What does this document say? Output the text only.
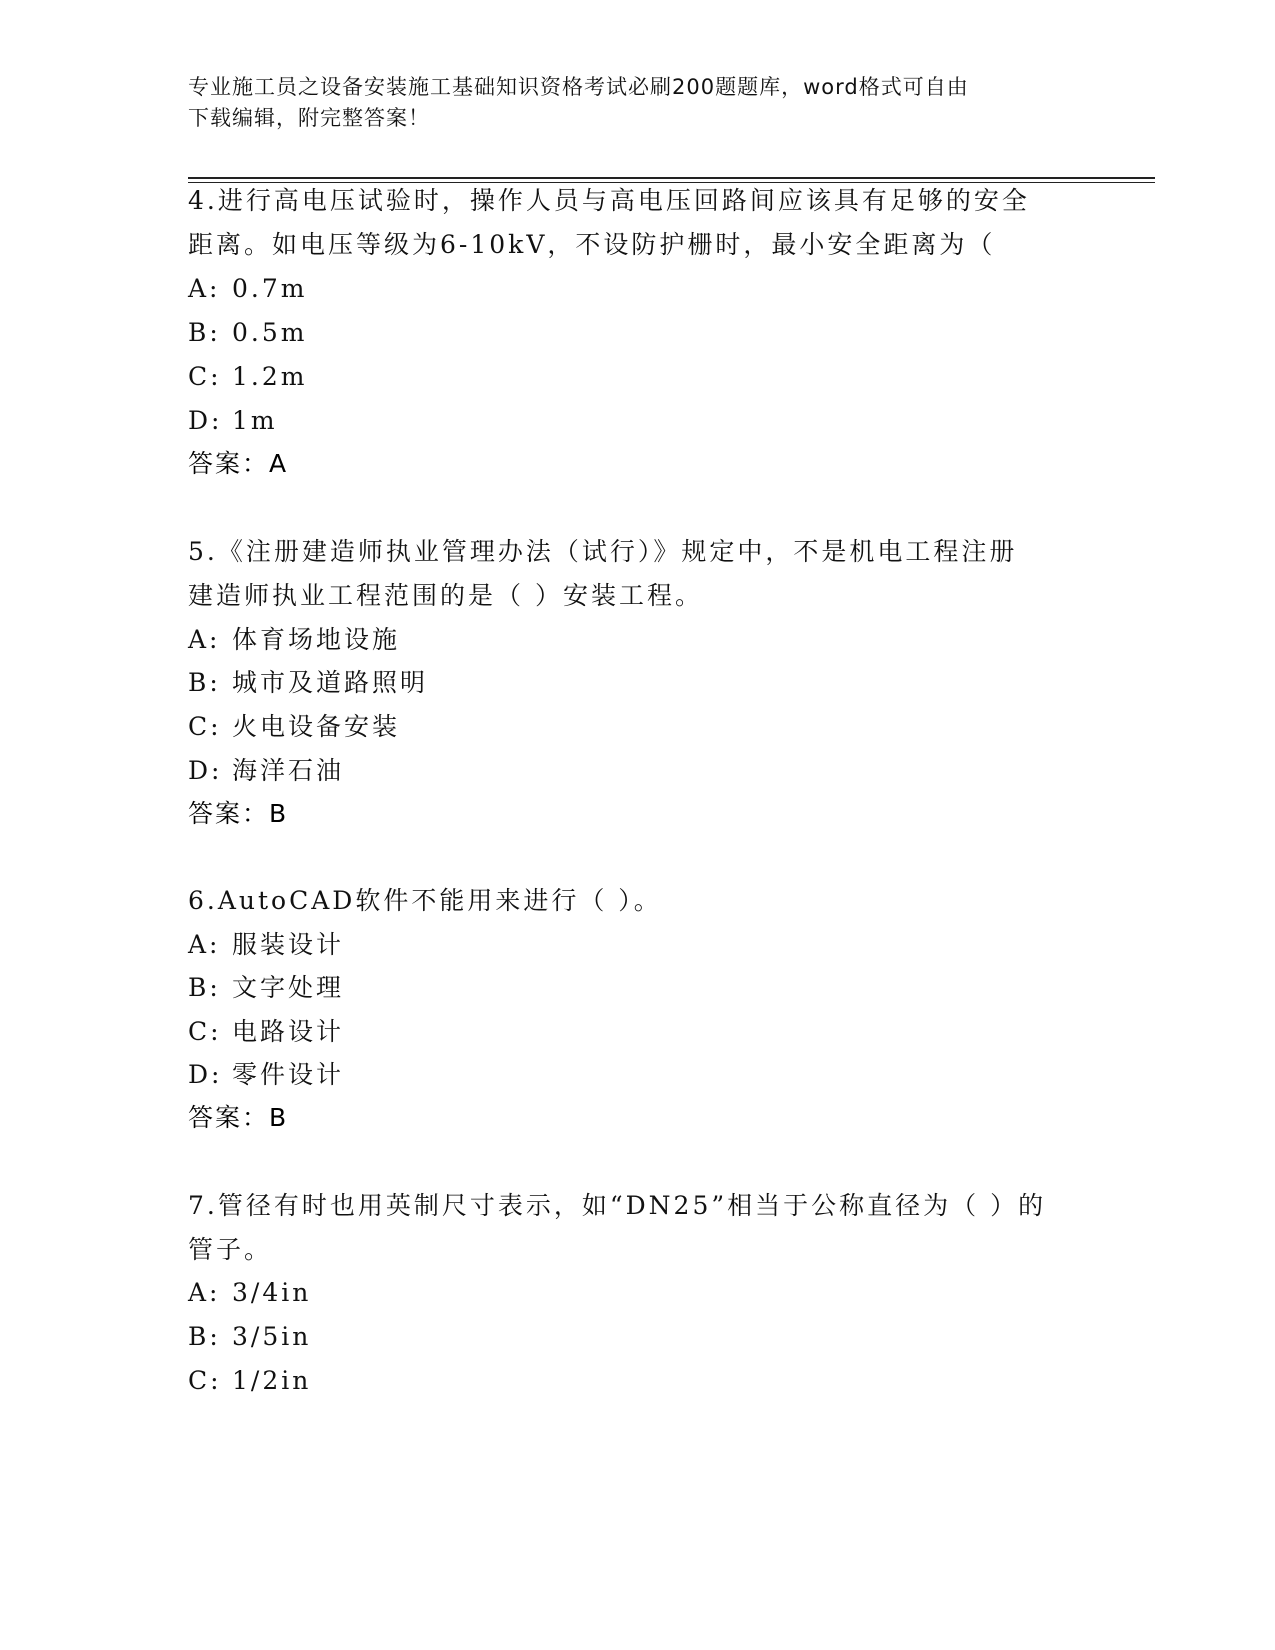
专业施工员之设备安装施工基础知识资格考试必刷200题题库，word格式可自由
下载编辑，附完整答案！
4.进行高电压试验时，操作人员与高电压回路间应该具有足够的安全
距离。如电压等级为6-10kV，不设防护栅时，最小安全距离为（
A: 0.7m
B: 0.5m
C: 1.2m
D: 1m
答案：A
5.《注册建造师执业管理办法（试行）》规定中，不是机电工程注册
建造师执业工程范围的是（ ）安装工程。
A: 体育场地设施
B: 城市及道路照明
C: 火电设备安装
D: 海洋石油
答案：B
6.AutoCAD软件不能用来进行（ ）。
A: 服装设计
B: 文字处理
C: 电路设计
D: 零件设计
答案：B
7.管径有时也用英制尺寸表示，如“DN25”相当于公称直径为（ ）的
管子。
A: 3/4in
B: 3/5in
C: 1/2in
